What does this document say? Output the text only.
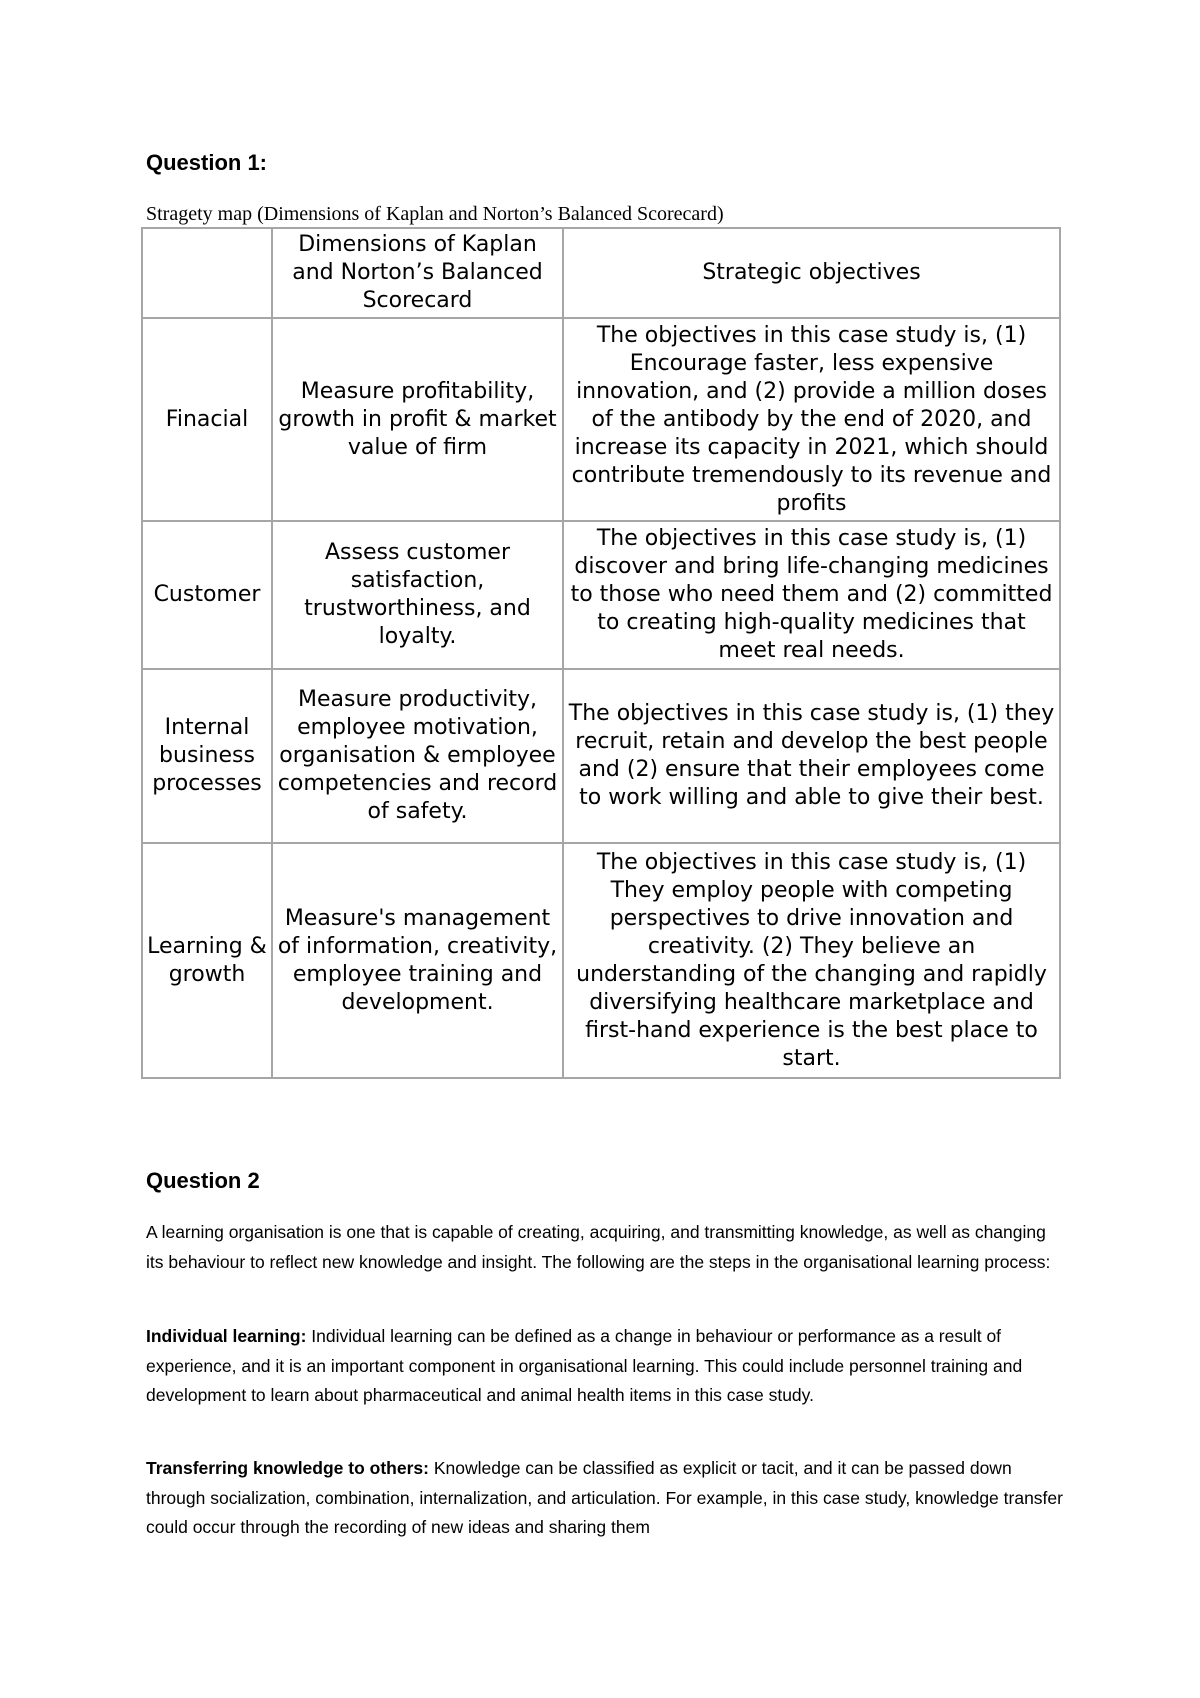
Question 1:

Stragety map (Dimensions of Kaplan and Norton’s Balanced Scorecard)

	Dimensions of Kaplan and Norton’s Balanced Scorecard	Strategic objectives
Finacial	Measure profitability, growth in profit & market value of firm	The objectives in this case study is, (1) Encourage faster, less expensive innovation, and (2) provide a million doses of the antibody by the end of 2020, and increase its capacity in 2021, which should contribute tremendously to its revenue and profits
Customer	Assess customer satisfaction, trustworthiness, and loyalty.	The objectives in this case study is, (1) discover and bring life-changing medicines to those who need them and (2) committed to creating high-quality medicines that meet real needs.
Internal business processes	Measure productivity, employee motivation, organisation & employee competencies and record of safety.	The objectives in this case study is, (1) they recruit, retain and develop the best people and (2) ensure that their employees come to work willing and able to give their best.
Learning & growth	Measure's management of information, creativity, employee training and development.	The objectives in this case study is, (1) They employ people with competing perspectives to drive innovation and creativity. (2) They believe an understanding of the changing and rapidly diversifying healthcare marketplace and first-hand experience is the best place to start.
Question 2

A learning organisation is one that is capable of creating, acquiring, and transmitting knowledge, as well as changing its behaviour to reflect new knowledge and insight. The following are the steps in the organisational learning process:

Individual learning: Individual learning can be defined as a change in behaviour or performance as a result of experience, and it is an important component in organisational learning. This could include personnel training and development to learn about pharmaceutical and animal health items in this case study.

Transferring knowledge to others: Knowledge can be classified as explicit or tacit, and it can be passed down through socialization, combination, internalization, and articulation. For example, in this case study, knowledge transfer could occur through the recording of new ideas and sharing them
